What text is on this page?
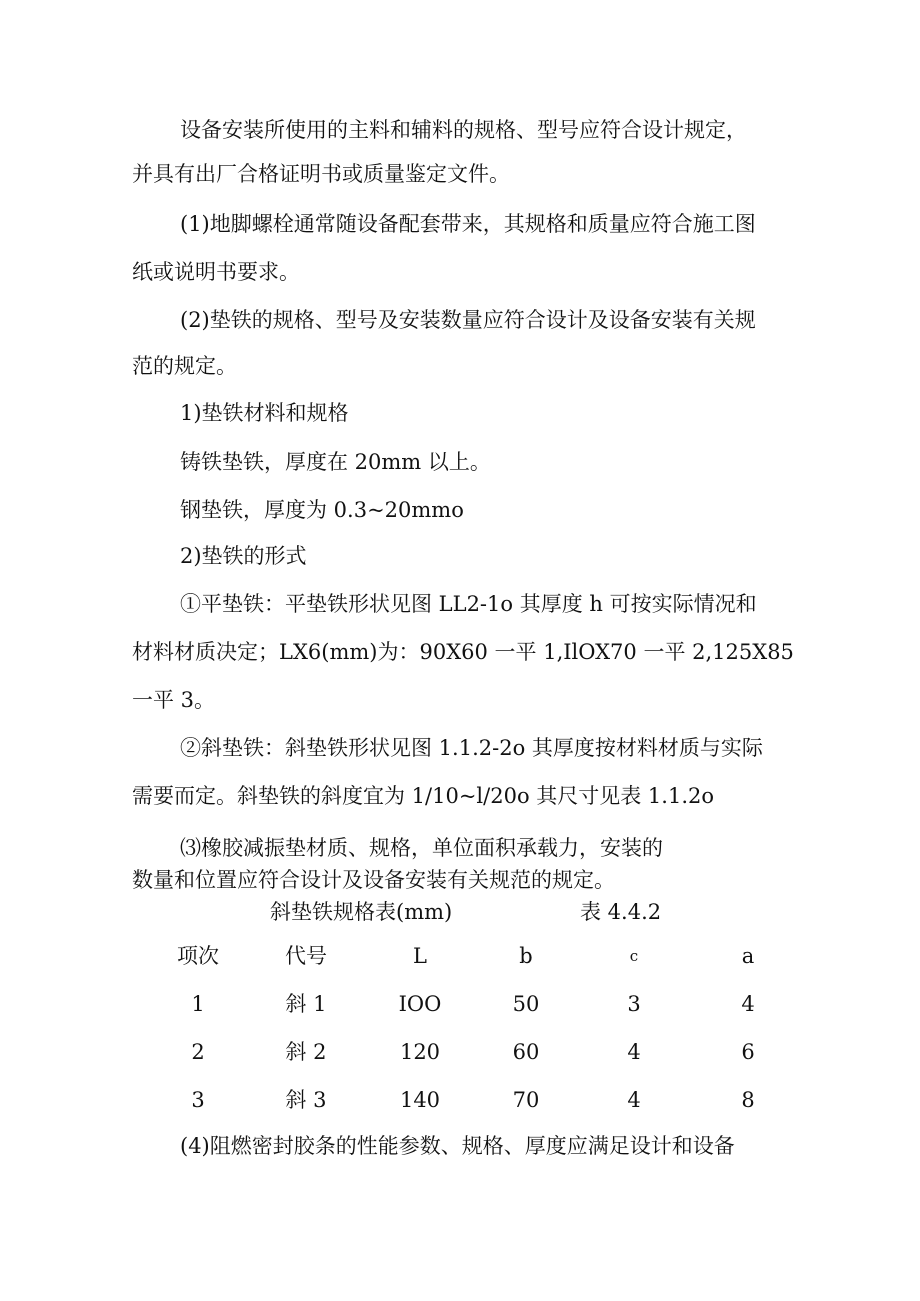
设备安装所使用的主料和辅料的规格、型号应符合设计规定，

并具有出厂合格证明书或质量鉴定文件。

(1)地脚螺栓通常随设备配套带来，其规格和质量应符合施工图

纸或说明书要求。

(2)垫铁的规格、型号及安装数量应符合设计及设备安装有关规

范的规定。

1)垫铁材料和规格

铸铁垫铁，厚度在 20mm 以上。

钢垫铁，厚度为 0.3~20mmo

2)垫铁的形式

①平垫铁：平垫铁形状见图 LL2-1o 其厚度 h 可按实际情况和

材料材质决定；LX6(mm)为：90X60 一平 1,IlOX70 一平 2,125X85

一平 3。

②斜垫铁：斜垫铁形状见图 1.1.2-2o 其厚度按材料材质与实际

需要而定。斜垫铁的斜度宜为 1/10~l/20o 其尺寸见表 1.1.2o

⑶橡胶减振垫材质、规格，单位面积承载力，安装的

数量和位置应符合设计及设备安装有关规范的规定。

斜垫铁规格表(mm)	表 4.4.2
项次	代号	L	b	c	a
1	斜 1	IOO	50	3	4
2	斜 2	120	60	4	6
3	斜 3	140	70	4	8

(4)阻燃密封胶条的性能参数、规格、厚度应满足设计和设备
